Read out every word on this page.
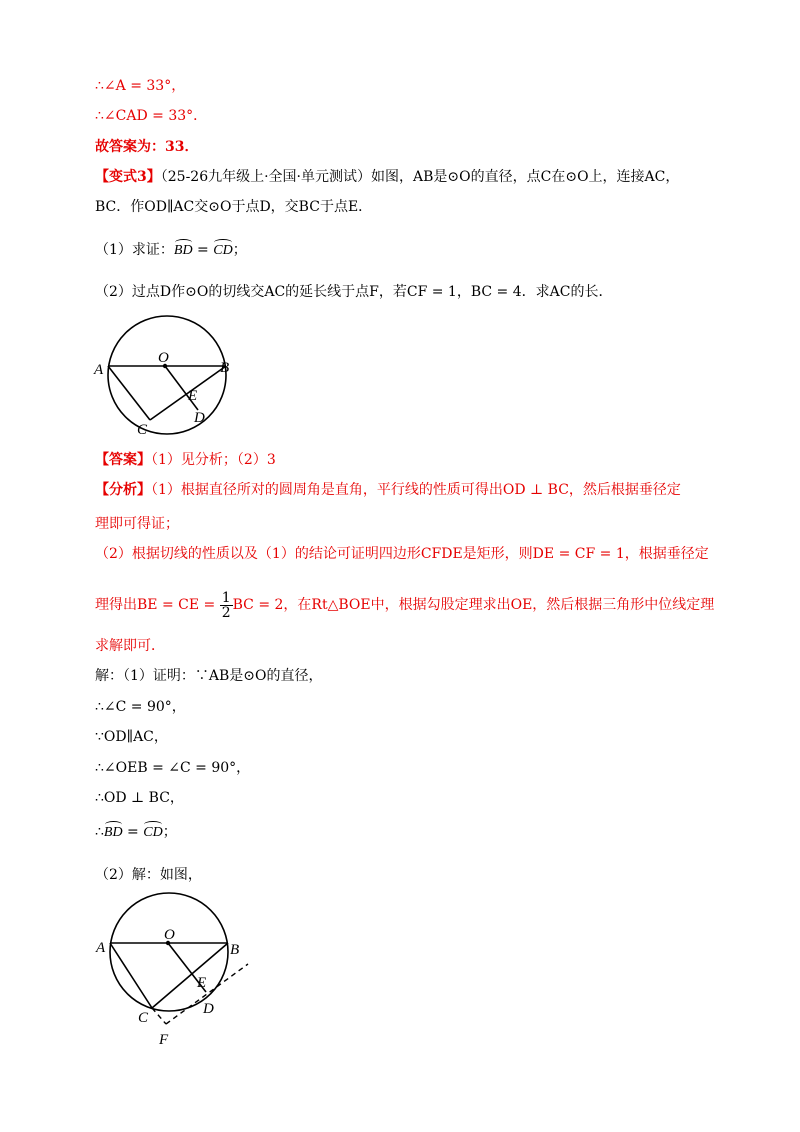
∴∠A = 33°，
∴∠CAD = 33°．
故答案为：33．
【变式3】（25-26九年级上·全国·单元测试）如图，AB是⊙O的直径，点C在⊙O上，连接AC，
BC．作OD∥AC交⊙O于点D，交BC于点E．
（1）求证：BD = CD；
（2）过点D作⊙O的切线交AC的延长线于点F，若CF = 1，BC = 4．求AC的长．
A	B
O
C
D
E
【答案】（1）见分析；（2）3
【分析】（1）根据直径所对的圆周角是直角，平行线的性质可得出OD ⊥ BC，然后根据垂径定
理即可得证；
（2）根据切线的性质以及（1）的结论可证明四边形CFDE是矩形，则DE = CF = 1，根据垂径定
理得出BE = CE = $\frac{1}{2}$ BC = 2，在Rt△BOE中，根据勾股定理求出OE，然后根据三角形中位线定理
求解即可．
解：（1）证明：∵AB是⊙O的直径，
∴∠C = 90°，
∵OD∥AC，
∴∠OEB = ∠C = 90°，
∴OD ⊥ BC，
∴BD = CD；
（2）解：如图，
A	B
O
C
D
E
F
